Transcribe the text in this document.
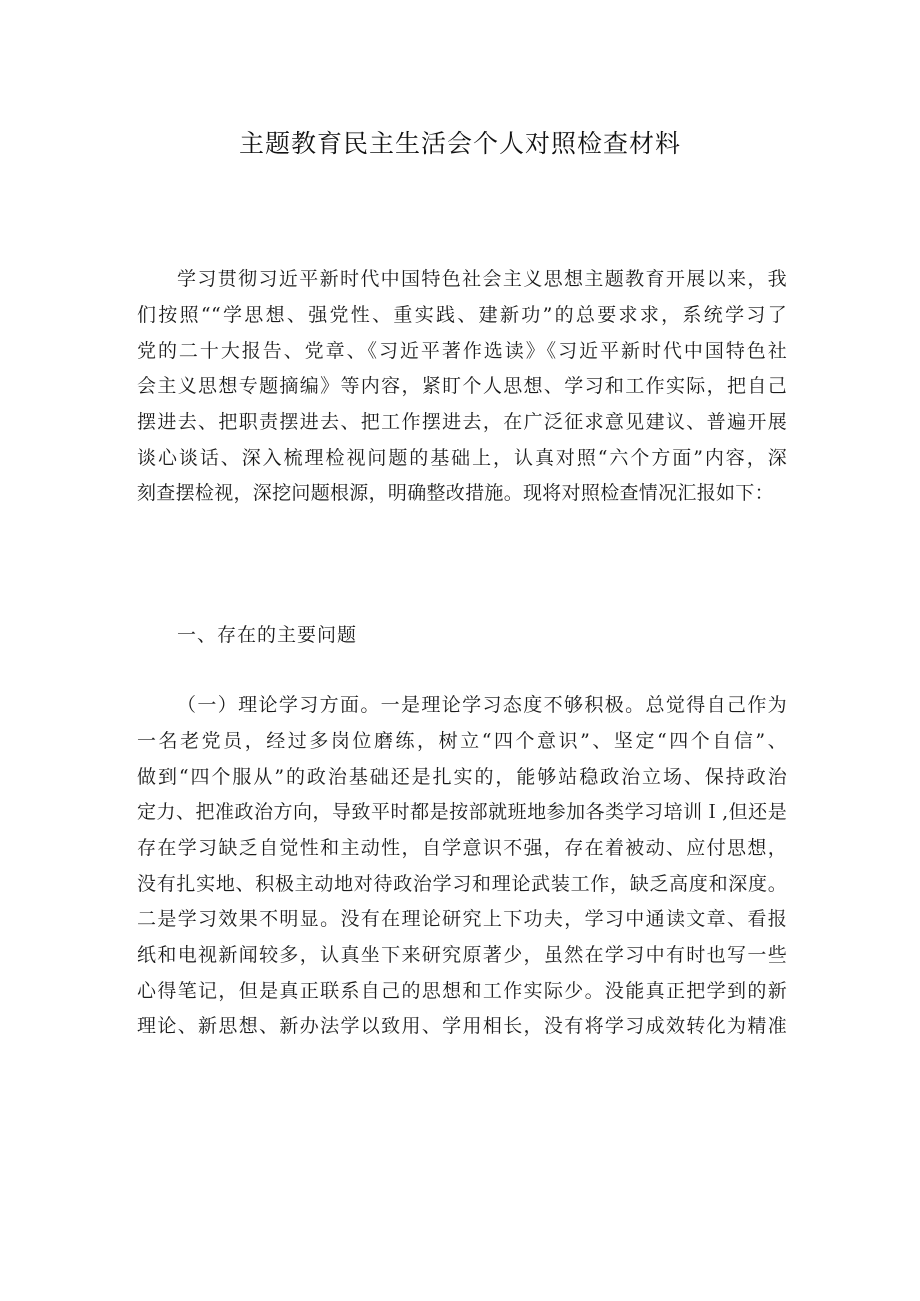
主题教育民主生活会个人对照检查材料
学习贯彻习近平新时代中国特色社会主义思想主题教育开展以来，我
们按照““学思想、强党性、重实践、建新功”的总要求求，系统学习了
党的二十大报告、党章、《习近平著作选读》《习近平新时代中国特色社
会主义思想专题摘编》等内容，紧盯个人思想、学习和工作实际，把自己
摆进去、把职责摆进去、把工作摆进去，在广泛征求意见建议、普遍开展
谈心谈话、深入梳理检视问题的基础上，认真对照“六个方面”内容，深
刻查摆检视，深挖问题根源，明确整改措施。现将对照检查情况汇报如下：
一、存在的主要问题
（一）理论学习方面。一是理论学习态度不够积极。总觉得自己作为
一名老党员，经过多岗位磨练，树立“四个意识”、坚定“四个自信”、
做到“四个服从”的政治基础还是扎实的，能够站稳政治立场、保持政治
定力、把准政治方向，导致平时都是按部就班地参加各类学习培训Ｉ,但还是
存在学习缺乏自觉性和主动性，自学意识不强，存在着被动、应付思想，
没有扎实地、积极主动地对待政治学习和理论武装工作，缺乏高度和深度。
二是学习效果不明显。没有在理论研究上下功夫，学习中通读文章、看报
纸和电视新闻较多，认真坐下来研究原著少，虽然在学习中有时也写一些
心得笔记，但是真正联系自己的思想和工作实际少。没能真正把学到的新
理论、新思想、新办法学以致用、学用相长，没有将学习成效转化为精准
